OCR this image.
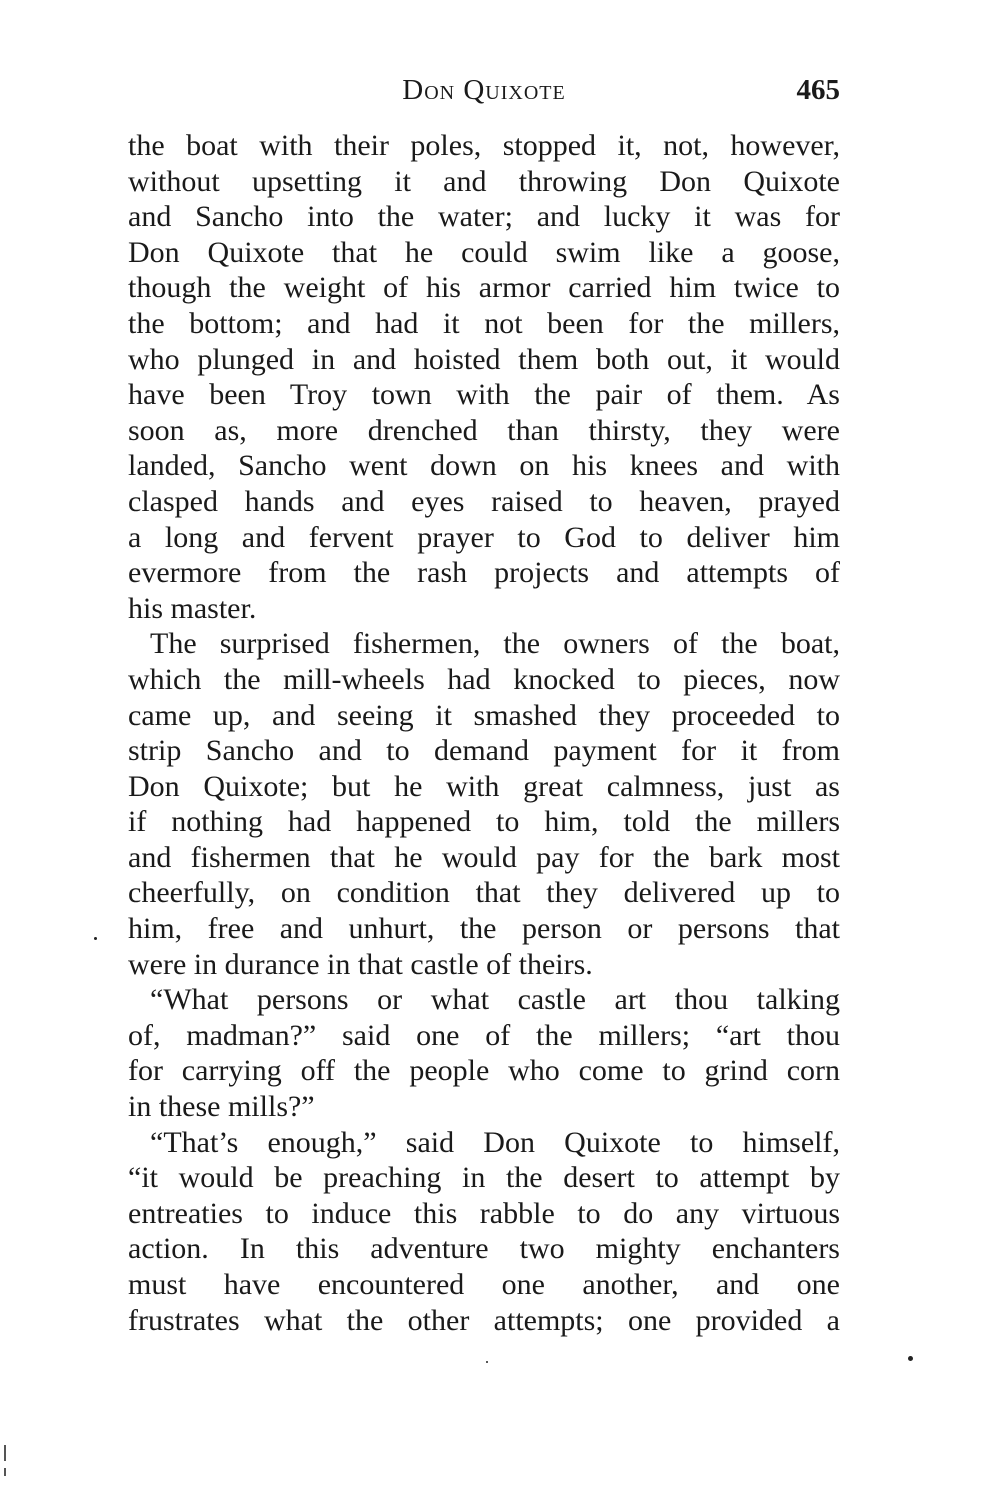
Don Quixote	465
the boat with their poles, stopped it, not, however,
without upsetting it and throwing Don Quixote
and Sancho into the water; and lucky it was for
Don Quixote that he could swim like a goose,
though the weight of his armor carried him twice to
the bottom; and had it not been for the millers,
who plunged in and hoisted them both out, it would
have been Troy town with the pair of them. As
soon as, more drenched than thirsty, they were
landed, Sancho went down on his knees and with
clasped hands and eyes raised to heaven, prayed
a long and fervent prayer to God to deliver him
evermore from the rash projects and attempts of
his master.
The surprised fishermen, the owners of the boat,
which the mill-wheels had knocked to pieces, now
came up, and seeing it smashed they proceeded to
strip Sancho and to demand payment for it from
Don Quixote; but he with great calmness, just as
if nothing had happened to him, told the millers
and fishermen that he would pay for the bark most
cheerfully, on condition that they delivered up to
him, free and unhurt, the person or persons that
were in durance in that castle of theirs.
“What persons or what castle art thou talking
of, madman?” said one of the millers; “art thou
for carrying off the people who come to grind corn
in these mills?”
“That’s enough,” said Don Quixote to himself,
“it would be preaching in the desert to attempt by
entreaties to induce this rabble to do any virtuous
action. In this adventure two mighty enchanters
must have encountered one another, and one
frustrates what the other attempts; one provided a
